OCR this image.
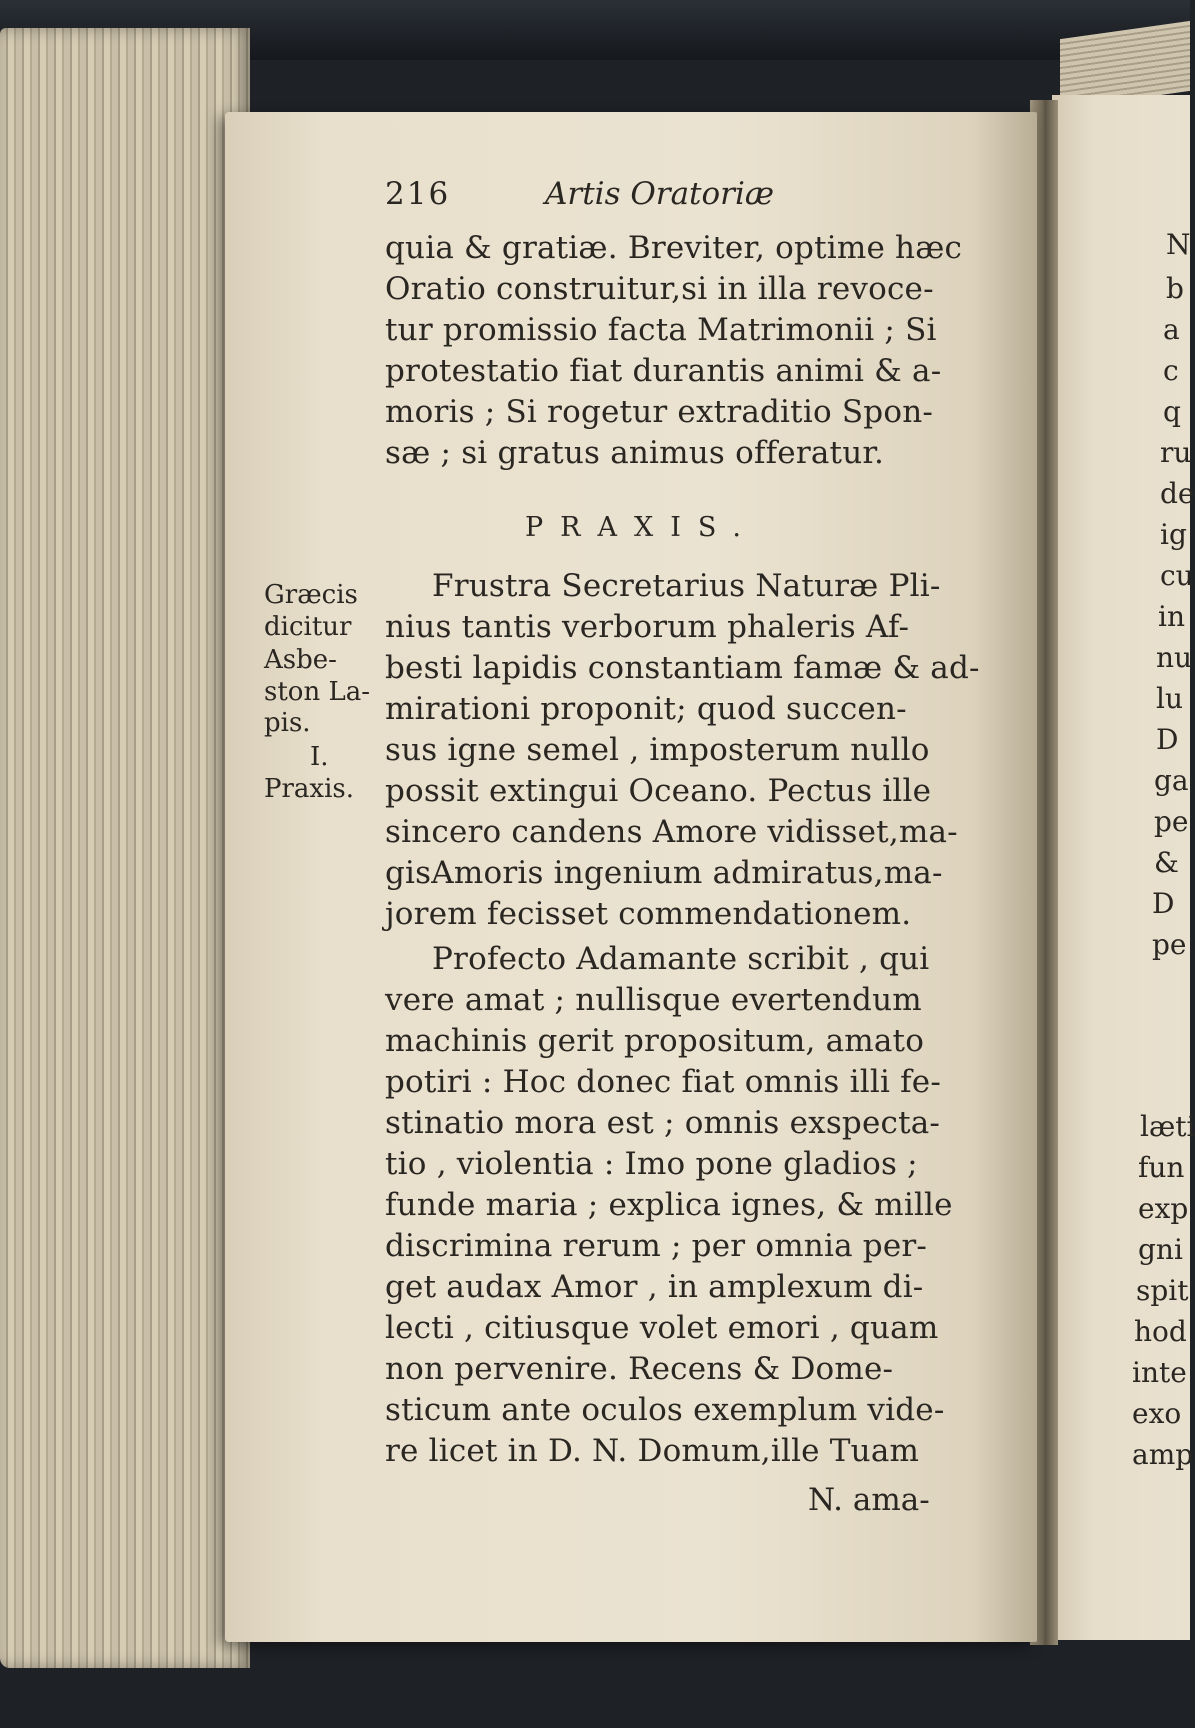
216	Artis Oratoriæ
quia & gratiæ. Breviter, optime hæc
Oratio construitur,si in illa revoce-
tur promissio facta Matrimonii ; Si
protestatio fiat durantis animi & a-
moris ; Si rogetur extraditio Spon-
sæ ; si gratus animus offeratur.
PRAXIS.
Græcis
dicitur
Asbe-
ston La-
pis.
I.
Praxis.
Frustra Secretarius Naturæ Pli-
nius tantis verborum phaleris Af-
besti lapidis constantiam famæ & ad-
mirationi proponit; quod succen-
sus igne semel , imposterum nullo
possit extingui Oceano. Pectus ille
sincero candens Amore vidisset,ma-
gisAmoris ingenium admiratus,ma-
jorem fecisset commendationem.
Profecto Adamante scribit , qui
vere amat ; nullisque evertendum
machinis gerit propositum, amato
potiri : Hoc donec fiat omnis illi fe-
stinatio mora est ; omnis exspecta-
tio , violentia : Imo pone gladios ;
funde maria ; explica ignes, & mille
discrimina rerum ; per omnia per-
get audax Amor , in amplexum di-
lecti , citiusque volet emori , quam
non pervenire. Recens & Dome-
sticum ante oculos exemplum vide-
re licet in D. N. Domum,ille Tuam
N. ama-
N
b
a
c
q
ru
de
ig
cu
in
nu
lu
D
ga
pe
&
D
pe
læti
fun
exp
gni
spit
hod
inte
exo
amp
